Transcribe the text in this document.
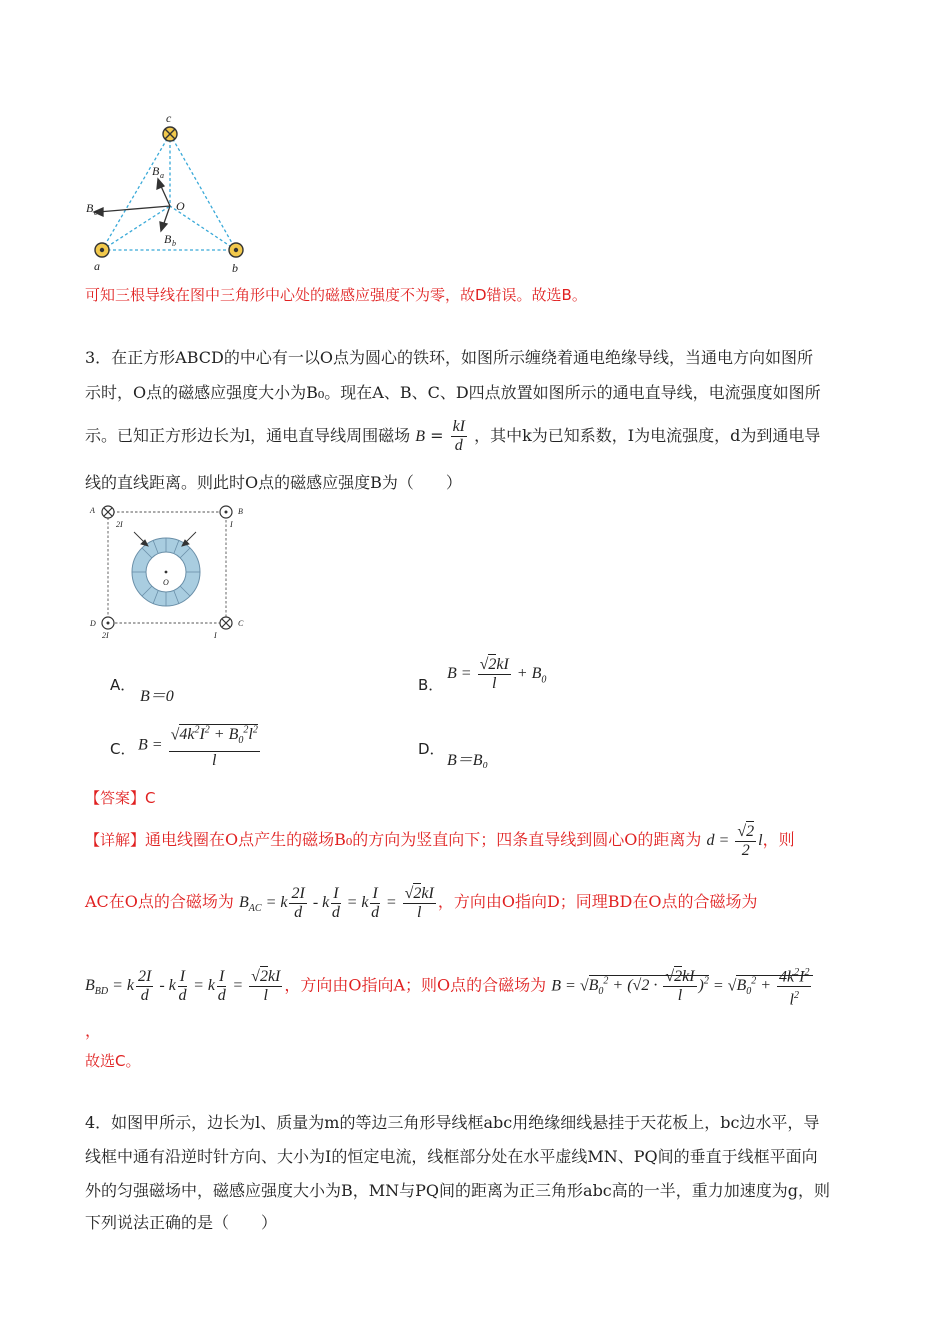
c
a	b
O
B a
B b
B c
可知三根导线在图中三角形中心处的磁感应强度不为零，故D错误。故选B。
3．在正方形ABCD的中心有一以O点为圆心的铁环，如图所示缠绕着通电绝缘导线，当通电方向如图所
示时，O点的磁感应强度大小为B₀。现在A、B、C、D四点放置如图所示的通电直导线，电流强度如图所
示。已知正方形边长为l，通电直导线周围磁场 $B = \frac{kI}{d}$ ，其中k为已知系数，I为电流强度，d为到通电导
线的直线距离。则此时O点的磁感应强度B为（　　）
A	B
C
D
2I	I
2I	I
O
A．
B＝0
B．
$B = \frac{√2kI}{l} + B_0$
C． $B = \frac{√4k^2I^2 + B_0^2l^2}{l}$	D．
B＝B₀
【答案】C
【详解】通电线圈在O点产生的磁场B₀的方向为竖直向下；四条直导线到圆心O的距离为 $d = \frac{√2}{2}$ l，则
AC在O点的合磁场为 $B_{AC} = k \frac{2I}{d} - k \frac{I}{d} = k \frac{I}{d} = \frac{√2kI}{l}$ ，方向由O指向D；同理BD在O点的合磁场为
$B_{BD} = k \frac{2I}{d} - k \frac{I}{d} = k \frac{I}{d} = \frac{√2kI}{l}$ ，方向由O指向A；则O点的合磁场为 $B = √B_0^2 + (√2 \cdot \frac{√2kI}{l} )^2 = √B_0^2 + \frac{4k^2I^2}{l^2}$
，
故选C。
4．如图甲所示，边长为l、质量为m的等边三角形导线框abc用绝缘细线悬挂于天花板上，bc边水平，导
线框中通有沿逆时针方向、大小为I的恒定电流，线框部分处在水平虚线MN、PQ间的垂直于线框平面向
外的匀强磁场中，磁感应强度大小为B，MN与PQ间的距离为正三角形abc高的一半，重力加速度为g，则
下列说法正确的是（　　）
